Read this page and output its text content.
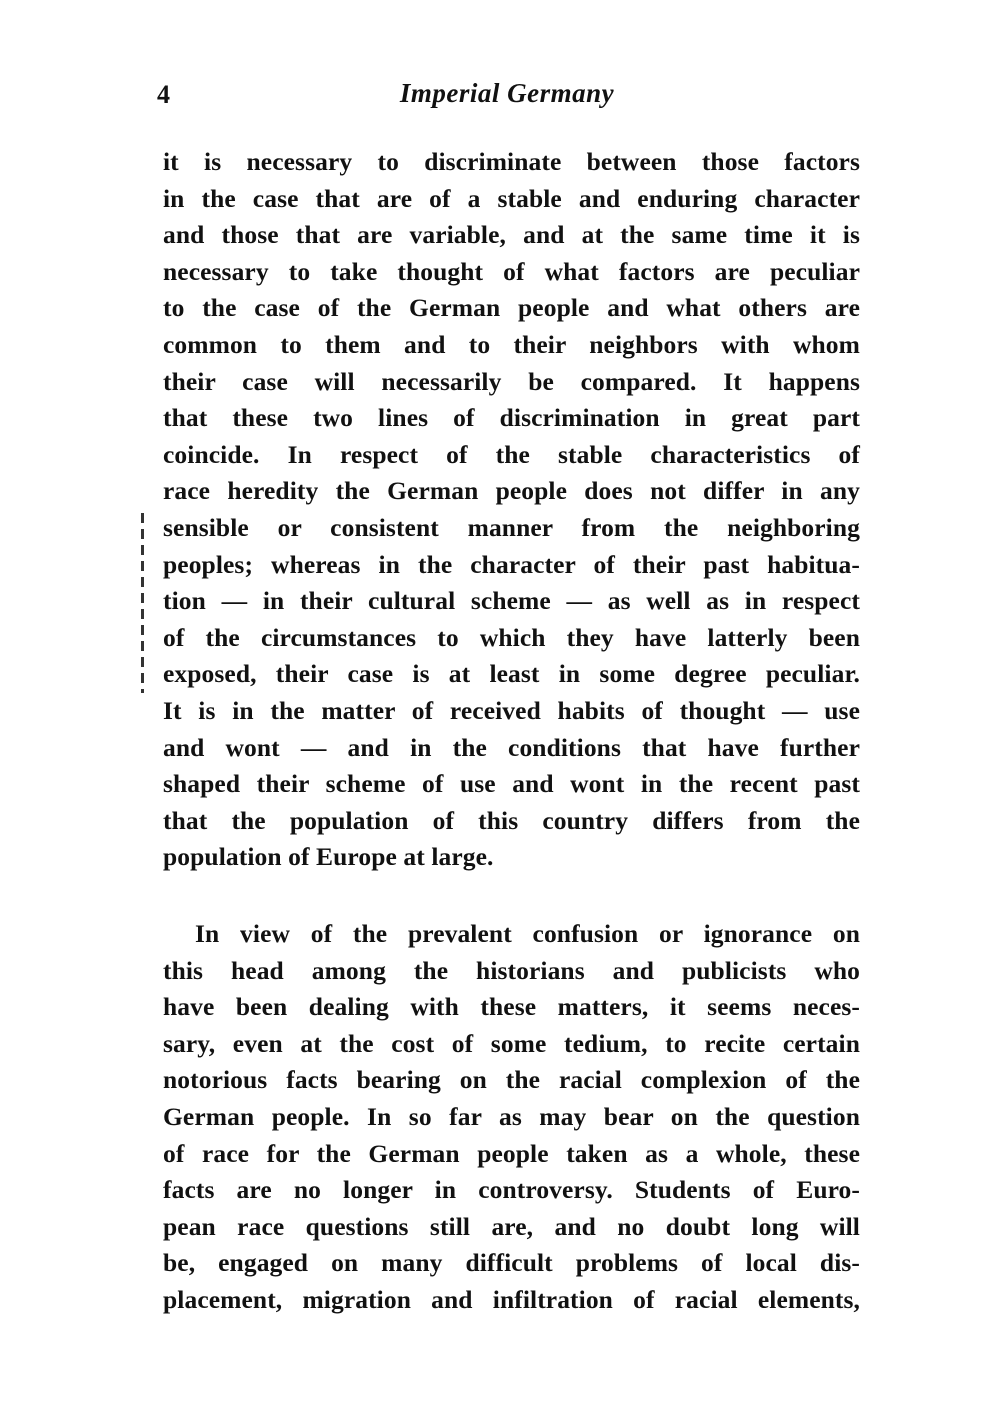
4	Imperial Germany
it is necessary to discriminate between those factors
in the case that are of a stable and enduring character
and those that are variable, and at the same time it is
necessary to take thought of what factors are peculiar
to the case of the German people and what others are
common to them and to their neighbors with whom
their case will necessarily be compared. It happens
that these two lines of discrimination in great part
coincide. In respect of the stable characteristics of
race heredity the German people does not differ in any
sensible or consistent manner from the neighboring
peoples; whereas in the character of their past habitua-
tion — in their cultural scheme — as well as in respect
of the circumstances to which they have latterly been
exposed, their case is at least in some degree peculiar.
It is in the matter of received habits of thought — use
and wont — and in the conditions that have further
shaped their scheme of use and wont in the recent past
that the population of this country differs from the
population of Europe at large.
In view of the prevalent confusion or ignorance on
this head among the historians and publicists who
have been dealing with these matters, it seems neces-
sary, even at the cost of some tedium, to recite certain
notorious facts bearing on the racial complexion of the
German people. In so far as may bear on the question
of race for the German people taken as a whole, these
facts are no longer in controversy. Students of Euro-
pean race questions still are, and no doubt long will
be, engaged on many difficult problems of local dis-
placement, migration and infiltration of racial elements,
